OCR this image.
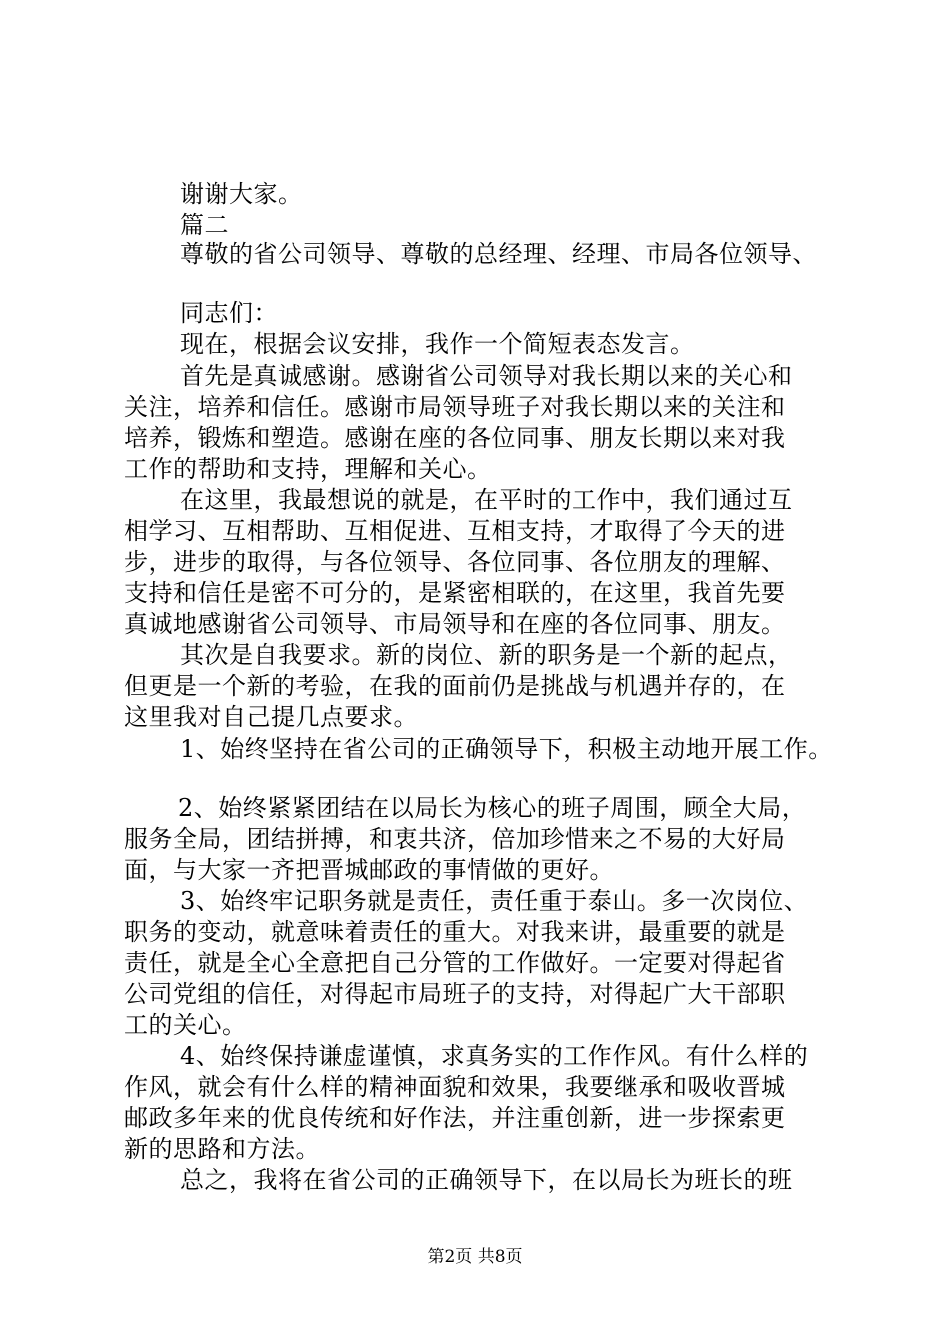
谢谢大家。
篇二
尊敬的省公司领导、尊敬的总经理、经理、市局各位领导、
同志们：
现在，根据会议安排，我作一个简短表态发言。
首先是真诚感谢。感谢省公司领导对我长期以来的关心和
关注，培养和信任。感谢市局领导班子对我长期以来的关注和
培养，锻炼和塑造。感谢在座的各位同事、朋友长期以来对我
工作的帮助和支持，理解和关心。
在这里，我最想说的就是，在平时的工作中，我们通过互
相学习、互相帮助、互相促进、互相支持，才取得了今天的进
步，进步的取得，与各位领导、各位同事、各位朋友的理解、
支持和信任是密不可分的，是紧密相联的，在这里，我首先要
真诚地感谢省公司领导、市局领导和在座的各位同事、朋友。
其次是自我要求。新的岗位、新的职务是一个新的起点，
但更是一个新的考验，在我的面前仍是挑战与机遇并存的，在
这里我对自己提几点要求。
1、始终坚持在省公司的正确领导下，积极主动地开展工作。
2、始终紧紧团结在以局长为核心的班子周围，顾全大局，
服务全局，团结拼搏，和衷共济，倍加珍惜来之不易的大好局
面，与大家一齐把晋城邮政的事情做的更好。
3、始终牢记职务就是责任，责任重于泰山。多一次岗位、
职务的变动，就意味着责任的重大。对我来讲，最重要的就是
责任，就是全心全意把自己分管的工作做好。一定要对得起省
公司党组的信任，对得起市局班子的支持，对得起广大干部职
工的关心。
4、始终保持谦虚谨慎，求真务实的工作作风。有什么样的
作风，就会有什么样的精神面貌和效果，我要继承和吸收晋城
邮政多年来的优良传统和好作法，并注重创新，进一步探索更
新的思路和方法。
总之，我将在省公司的正确领导下，在以局长为班长的班
第2页 共8页
